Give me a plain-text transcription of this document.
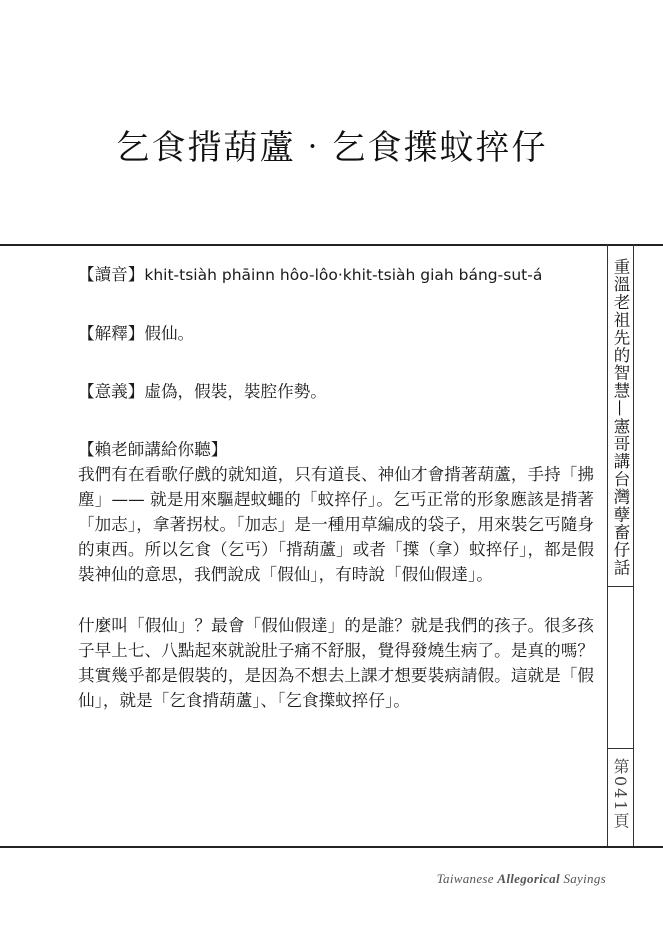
乞食揹葫蘆‧乞食擛蚊捽仔

【讀音】khit-tsiàh phāinn hôo-lôo‧khit-tsiàh giah báng-sut-á

【解釋】假仙。

【意義】虛偽，假裝，裝腔作勢。

【賴老師講給你聽】

我們有在看歌仔戲的就知道，只有道長、神仙才會揹著葫蘆，手持「拂塵」—— 就是用來驅趕蚊蠅的「蚊捽仔」。乞丐正常的形象應該是揹著「加志」，拿著拐杖。「加志」是一種用草編成的袋子，用來裝乞丐隨身的東西。所以乞食（乞丐）「揹葫蘆」或者「擛（拿）蚊捽仔」，都是假裝神仙的意思，我們說成「假仙」，有時說「假仙假達」。

什麼叫「假仙」？最會「假仙假達」的是誰？就是我們的孩子。很多孩子早上七、八點起來就說肚子痛不舒服，覺得發燒生病了。是真的嗎？其實幾乎都是假裝的，是因為不想去上課才想要裝病請假。這就是「假仙」，就是「乞食揹葫蘆」、「乞食擛蚊捽仔」。

重溫老祖先的智慧—憲哥講台灣孽畜仔話
第041頁
Taiwanese Allegorical Sayings
